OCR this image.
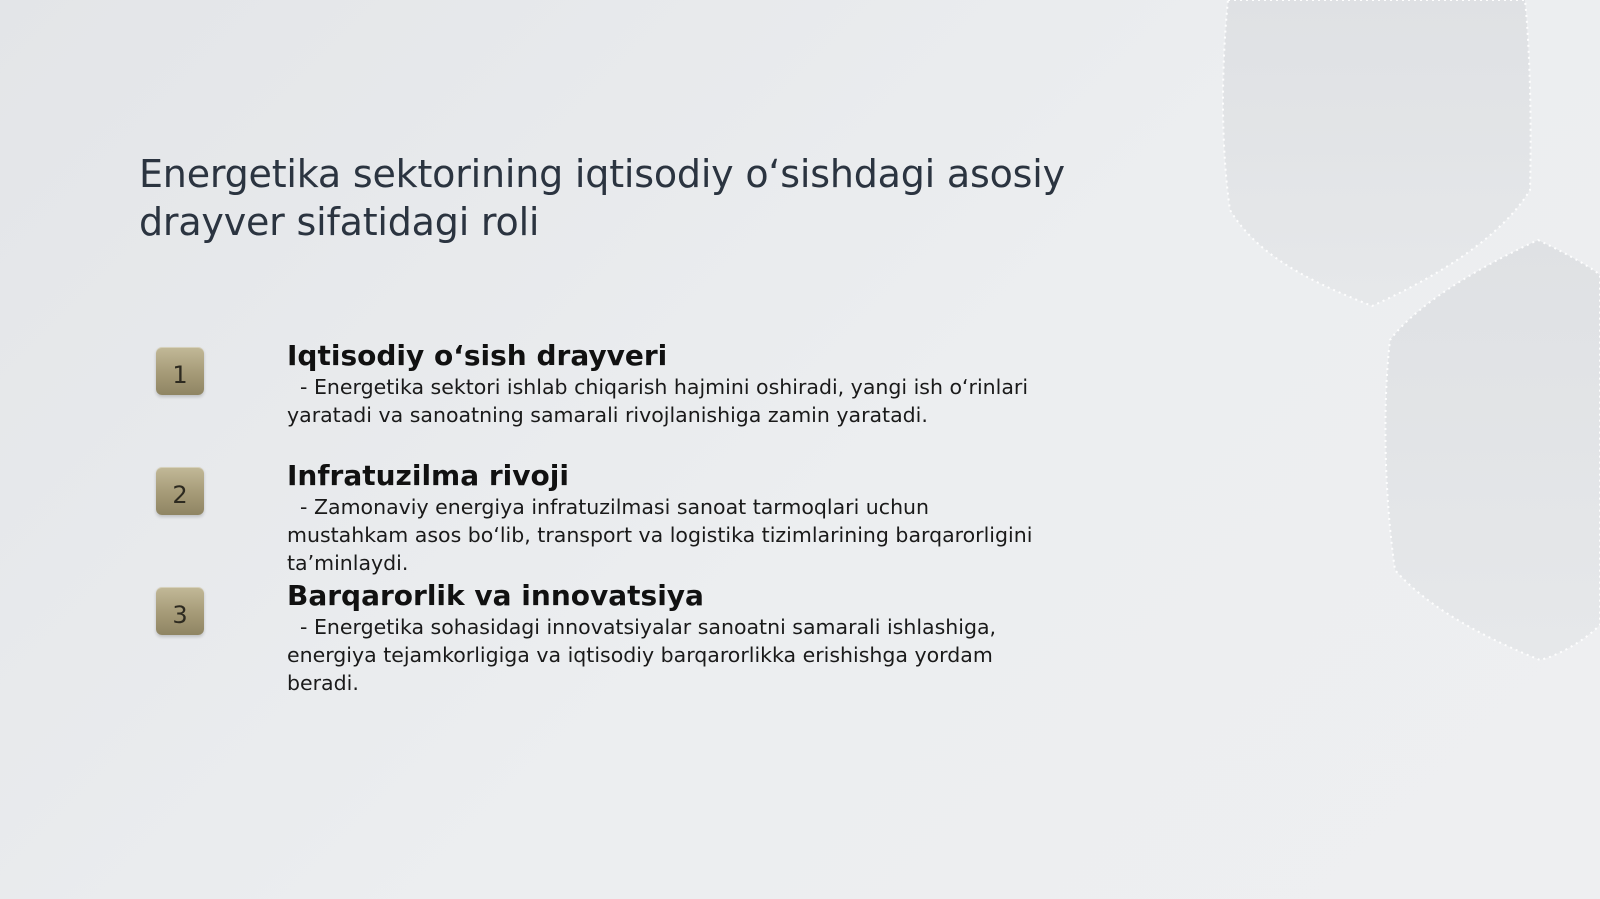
Energetika sektorining iqtisodiy o‘sishdagi asosiy drayver sifatidagi roli
1

Iqtisodiy o‘sish drayveri

- Energetika sektori ishlab chiqarish hajmini oshiradi, yangi ish o‘rinlari
yaratadi va sanoatning samarali rivojlanishiga zamin yaratadi.

2

Infratuzilma rivoji

- Zamonaviy energiya infratuzilmasi sanoat tarmoqlari uchun
mustahkam asos bo‘lib, transport va logistika tizimlarining barqarorligini
ta’minlaydi.

3

Barqarorlik va innovatsiya

- Energetika sohasidagi innovatsiyalar sanoatni samarali ishlashiga,
energiya tejamkorligiga va iqtisodiy barqarorlikka erishishga yordam
beradi.
